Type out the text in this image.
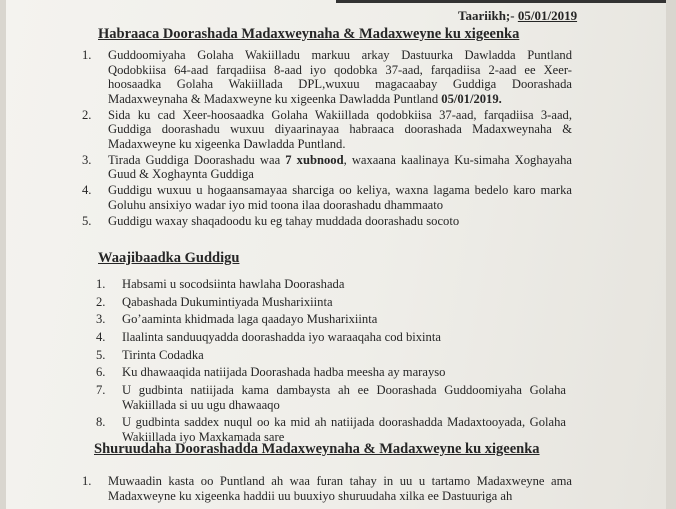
Taariikh;- 05/01/2019
Habraaca Doorashada Madaxweynaha & Madaxweyne ku xigeenka
1. Guddoomiyaha Golaha Wakiilladu markuu arkay Dastuurka Dawladda Puntland Qodobkiisa 64-aad farqadiisa 8-aad iyo qodobka 37-aad, farqadiisa 2-aad ee Xeer-hoosaadka Golaha Wakiillada DPL,wuxuu magacaabay Guddiga Doorashada Madaxweynaha & Madaxweyne ku xigeenka Dawladda Puntland 05/01/2019.
2. Sida ku cad Xeer-hoosaadka Golaha Wakiillada qodobkiisa 37-aad, farqadiisa 3-aad, Guddiga doorashadu wuxuu diyaarinayaa habraaca doorashada Madaxweynaha & Madaxweyne ku xigeenka Dawladda Puntland.
3. Tirada Guddiga Doorashadu waa 7 xubnood, waxaana kaalinaya Ku-simaha Xoghayaha Guud & Xoghaynta Guddiga
4. Guddigu wuxuu u hogaansamayaa sharciga oo keliya, waxna lagama bedelo karo marka Goluhu ansixiyo wadar iyo mid toona ilaa doorashadu dhammaato
5. Guddigu waxay shaqadoodu ku eg tahay muddada doorashadu socoto
Waajibaadka Guddigu
1. Habsami u socodsiinta hawlaha Doorashada
2. Qabashada Dukumintiyada Musharixiinta
3. Go’aaminta khidmada laga qaadayo Musharixiinta
4. Ilaalinta sanduuqyadda doorashadda iyo waraaqaha cod bixinta
5. Tirinta Codadka
6. Ku dhawaaqida natiijada Doorashada hadba meesha ay marayso
7. U gudbinta natiijada kama dambaysta ah ee Doorashada Guddoomiyaha Golaha Wakiillada si uu ugu dhawaaqo
8. U gudbinta saddex nuqul oo ka mid ah natiijada doorashadda Madaxtooyada, Golaha Wakiillada iyo Maxkamada sare
Shuruudaha Doorashadda Madaxweynaha & Madaxweyne ku xigeenka
1. Muwaadin kasta oo Puntland ah waa furan tahay in uu u tartamo Madaxweyne ama Madaxweyne ku xigeenka haddii uu buuxiyo shuruudaha xilka ee Dastuuriga ah
